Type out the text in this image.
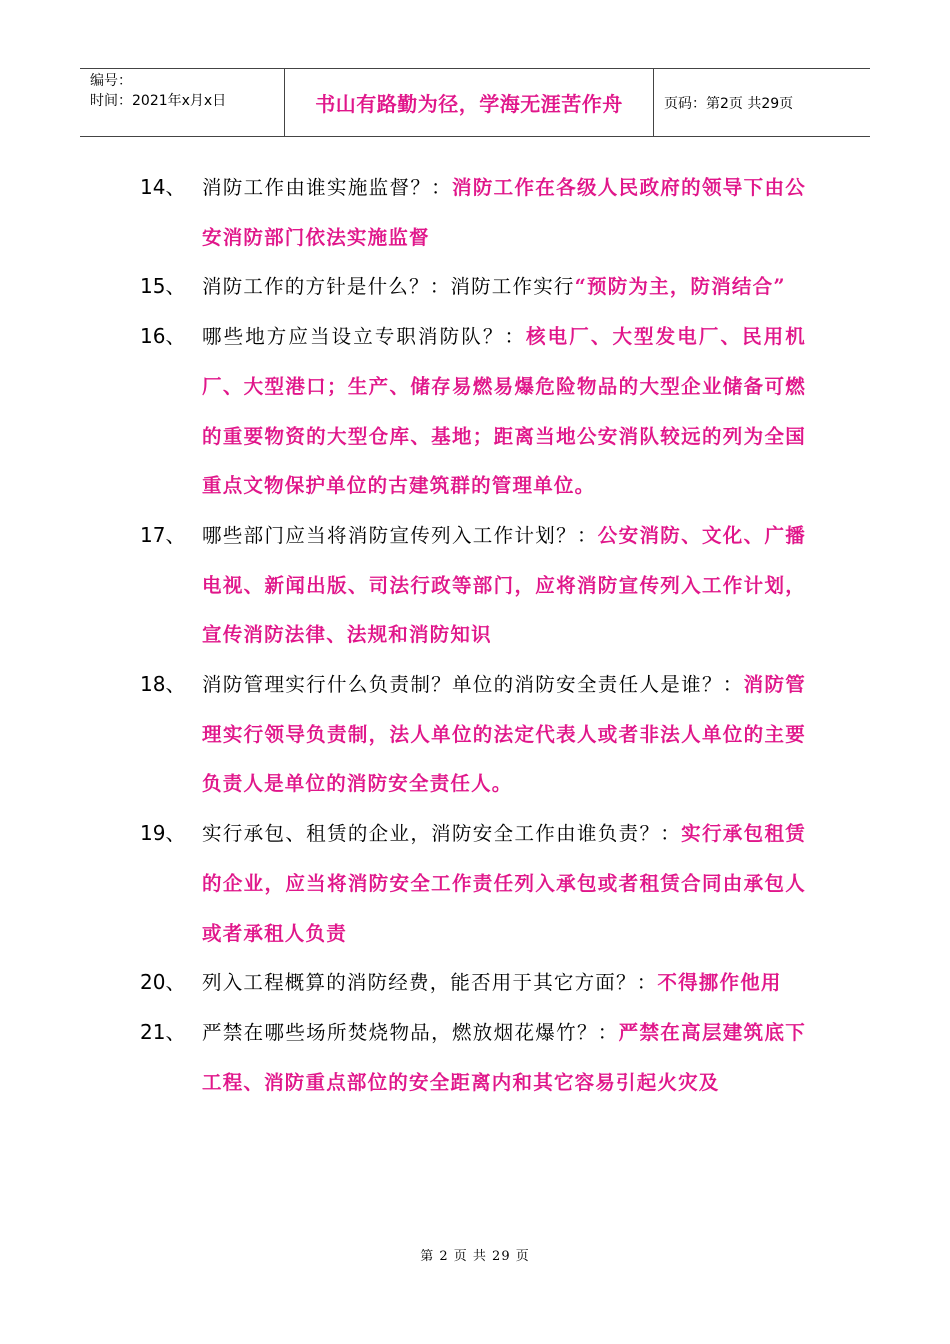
编号：
时间：2021年x月x日	书山有路勤为径，学海无涯苦作舟	页码：第2页 共29页
14、 消防工作由谁实施监督？：消防工作在各级人民政府的领导下由公安消防部门依法实施监督
15、 消防工作的方针是什么？：消防工作实行“预防为主，防消结合”
16、 哪些地方应当设立专职消防队？：核电厂、大型发电厂、民用机厂、大型港口；生产、储存易燃易爆危险物品的大型企业储备可燃的重要物资的大型仓库、基地；距离当地公安消队较远的列为全国重点文物保护单位的古建筑群的管理单位。
17、 哪些部门应当将消防宣传列入工作计划？：公安消防、文化、广播电视、新闻出版、司法行政等部门，应将消防宣传列入工作计划，宣传消防法律、法规和消防知识
18、 消防管理实行什么负责制？单位的消防安全责任人是谁？：消防管理实行领导负责制，法人单位的法定代表人或者非法人单位的主要负责人是单位的消防安全责任人。
19、 实行承包、租赁的企业，消防安全工作由谁负责？：实行承包租赁的企业，应当将消防安全工作责任列入承包或者租赁合同由承包人或者承租人负责
20、 列入工程概算的消防经费，能否用于其它方面？：不得挪作他用
21、 严禁在哪些场所焚烧物品，燃放烟花爆竹？：严禁在高层建筑底下工程、消防重点部位的安全距离内和其它容易引起火灾及
第 2 页 共 29 页
